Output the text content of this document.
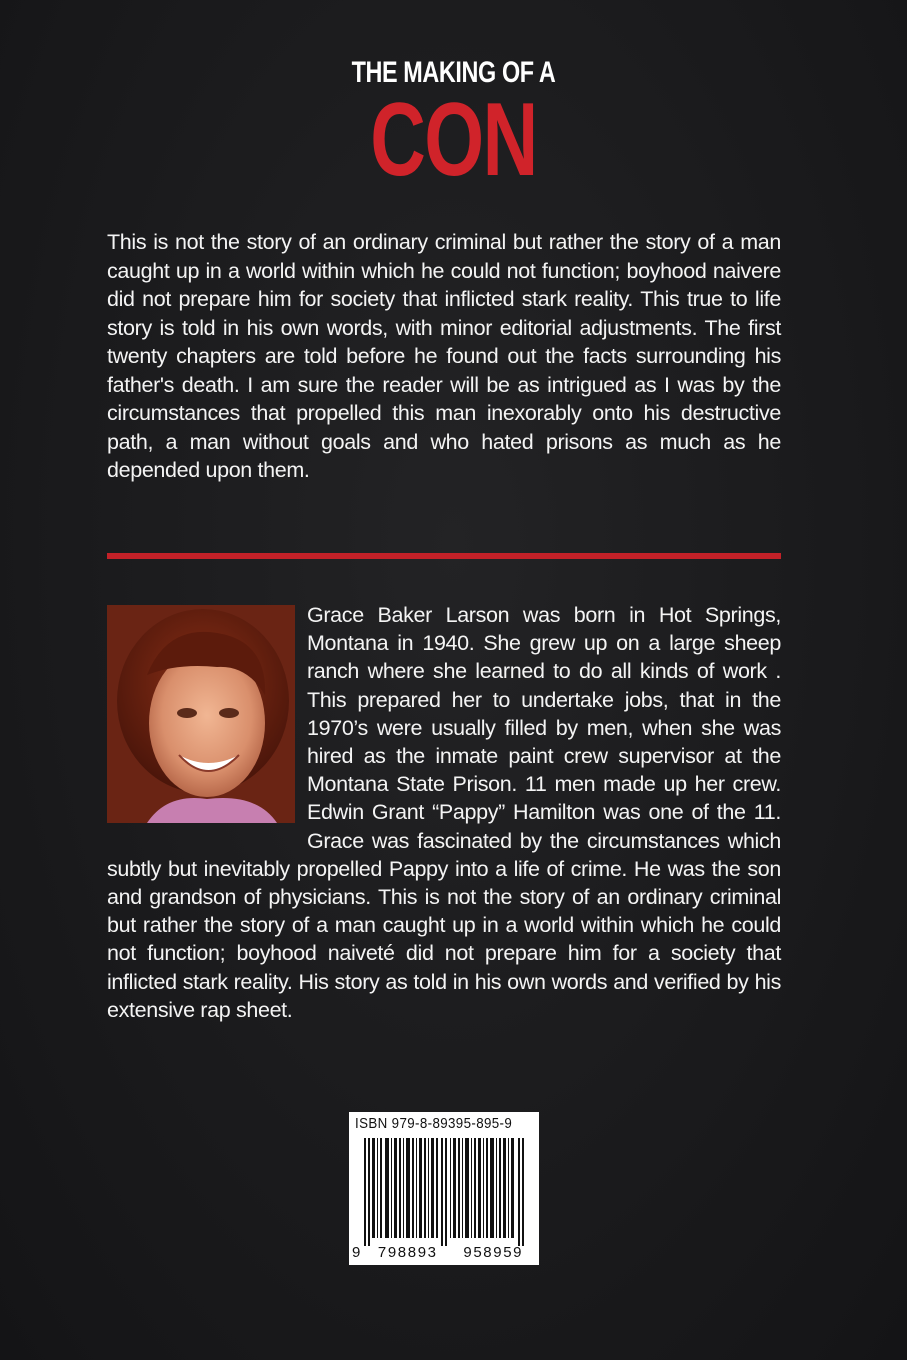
THE MAKING OF A
CON
This is not the story of an ordinary criminal but rather the story of a man caught up in a world within which he could not function; boyhood naivere did not prepare him for society that inflicted stark reality. This true to life story is told in his own words, with minor editorial adjustments. The first twenty chapters are told before he found out the facts surrounding his father's death. I am sure the reader will be as intrigued as I was by the circumstances that propelled this man inexorably onto his destructive path, a man without goals and who hated prisons as much as he depended upon them.
Grace Baker Larson was born in Hot Springs, Montana in 1940. She grew up on a large sheep ranch where she learned to do all kinds of work . This prepared her to undertake jobs, that in the 1970’s were usually filled by men, when she was hired as the inmate paint crew supervisor at the Montana State Prison. 11 men made up her crew. Edwin Grant “Pappy” Hamilton was one of the 11. Grace was fascinated by the circumstances which subtly but inevitably propelled Pappy into a life of crime. He was the son and grandson of physicians. This is not the story of an ordinary criminal but rather the story of a man caught up in a world within which he could not function; boyhood naiveté did not prepare him for a society that inflicted stark reality. His story as told in his own words and verified by his extensive rap sheet.
ISBN 979-8-89395-895-9
9	798893	958959
